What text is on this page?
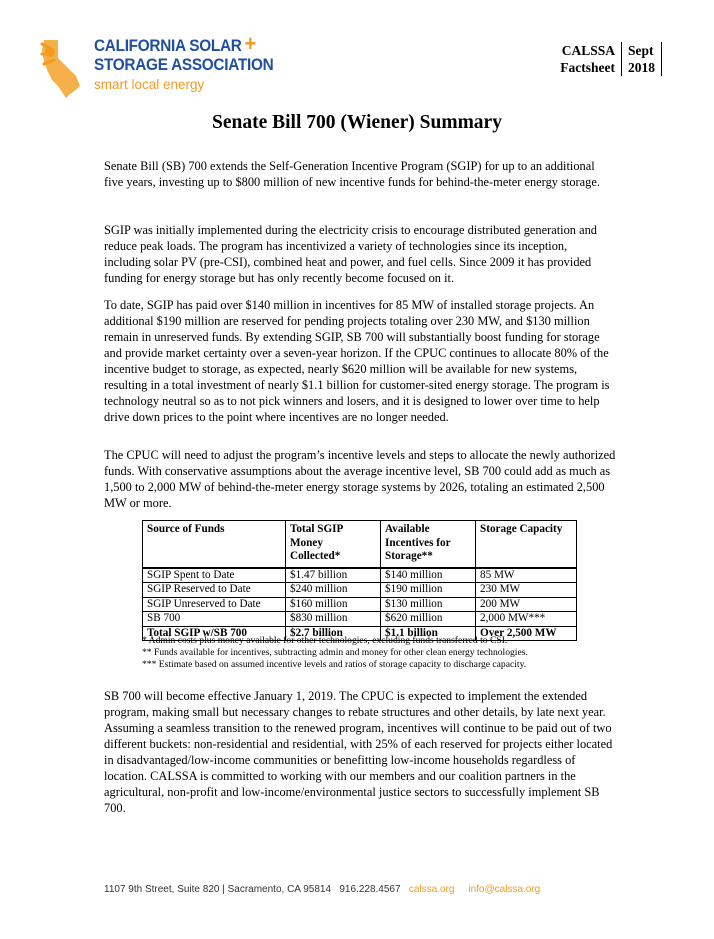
CALIFORNIA SOLAR +
STORAGE ASSOCIATION
smart local energy
CALSSA
Factsheet
Sept
2018
Senate Bill 700 (Wiener) Summary

Senate Bill (SB) 700 extends the Self-Generation Incentive Program (SGIP) for up to an additional five years, investing up to $800 million of new incentive funds for behind-the-meter energy storage.

SGIP was initially implemented during the electricity crisis to encourage distributed generation and reduce peak loads. The program has incentivized a variety of technologies since its inception, including solar PV (pre-CSI), combined heat and power, and fuel cells. Since 2009 it has provided funding for energy storage but has only recently become focused on it.

To date, SGIP has paid over $140 million in incentives for 85 MW of installed storage projects. An additional $190 million are reserved for pending projects totaling over 230 MW, and $130 million remain in unreserved funds. By extending SGIP, SB 700 will substantially boost funding for storage and provide market certainty over a seven-year horizon. If the CPUC continues to allocate 80% of the incentive budget to storage, as expected, nearly $620 million will be available for new systems, resulting in a total investment of nearly $1.1 billion for customer-sited energy storage. The program is technology neutral so as to not pick winners and losers, and it is designed to lower over time to help drive down prices to the point where incentives are no longer needed.

The CPUC will need to adjust the program’s incentive levels and steps to allocate the newly authorized funds. With conservative assumptions about the average incentive level, SB 700 could add as much as 1,500 to 2,000 MW of behind-the-meter energy storage systems by 2026, totaling an estimated 2,500 MW or more.

Source of Funds	Total SGIP Money Collected*	Available Incentives for Storage**	Storage Capacity
SGIP Spent to Date	$1.47 billion	$140 million	85 MW
SGIP Reserved to Date	$240 million	$190 million	230 MW
SGIP Unreserved to Date	$160 million	$130 million	200 MW
SB 700	$830 million	$620 million	2,000 MW***
Total SGIP w/SB 700	$2.7 billion	$1.1 billion	Over 2,500 MW
* Admin costs plus money available for other technologies, excluding funds transferred to CSI.
** Funds available for incentives, subtracting admin and money for other clean energy technologies.
*** Estimate based on assumed incentive levels and ratios of storage capacity to discharge capacity.

SB 700 will become effective January 1, 2019. The CPUC is expected to implement the extended program, making small but necessary changes to rebate structures and other details, by late next year. Assuming a seamless transition to the renewed program, incentives will continue to be paid out of two different buckets: non-residential and residential, with 25% of each reserved for projects either located in disadvantaged/low-income communities or benefitting low-income households regardless of location. CALSSA is committed to working with our members and our coalition partners in the agricultural, non-profit and low-income/environmental justice sectors to successfully implement SB 700.

1107 9th Street, Suite 820 | Sacramento, CA 95814 916.228.4567 calssa.org info@calssa.org
